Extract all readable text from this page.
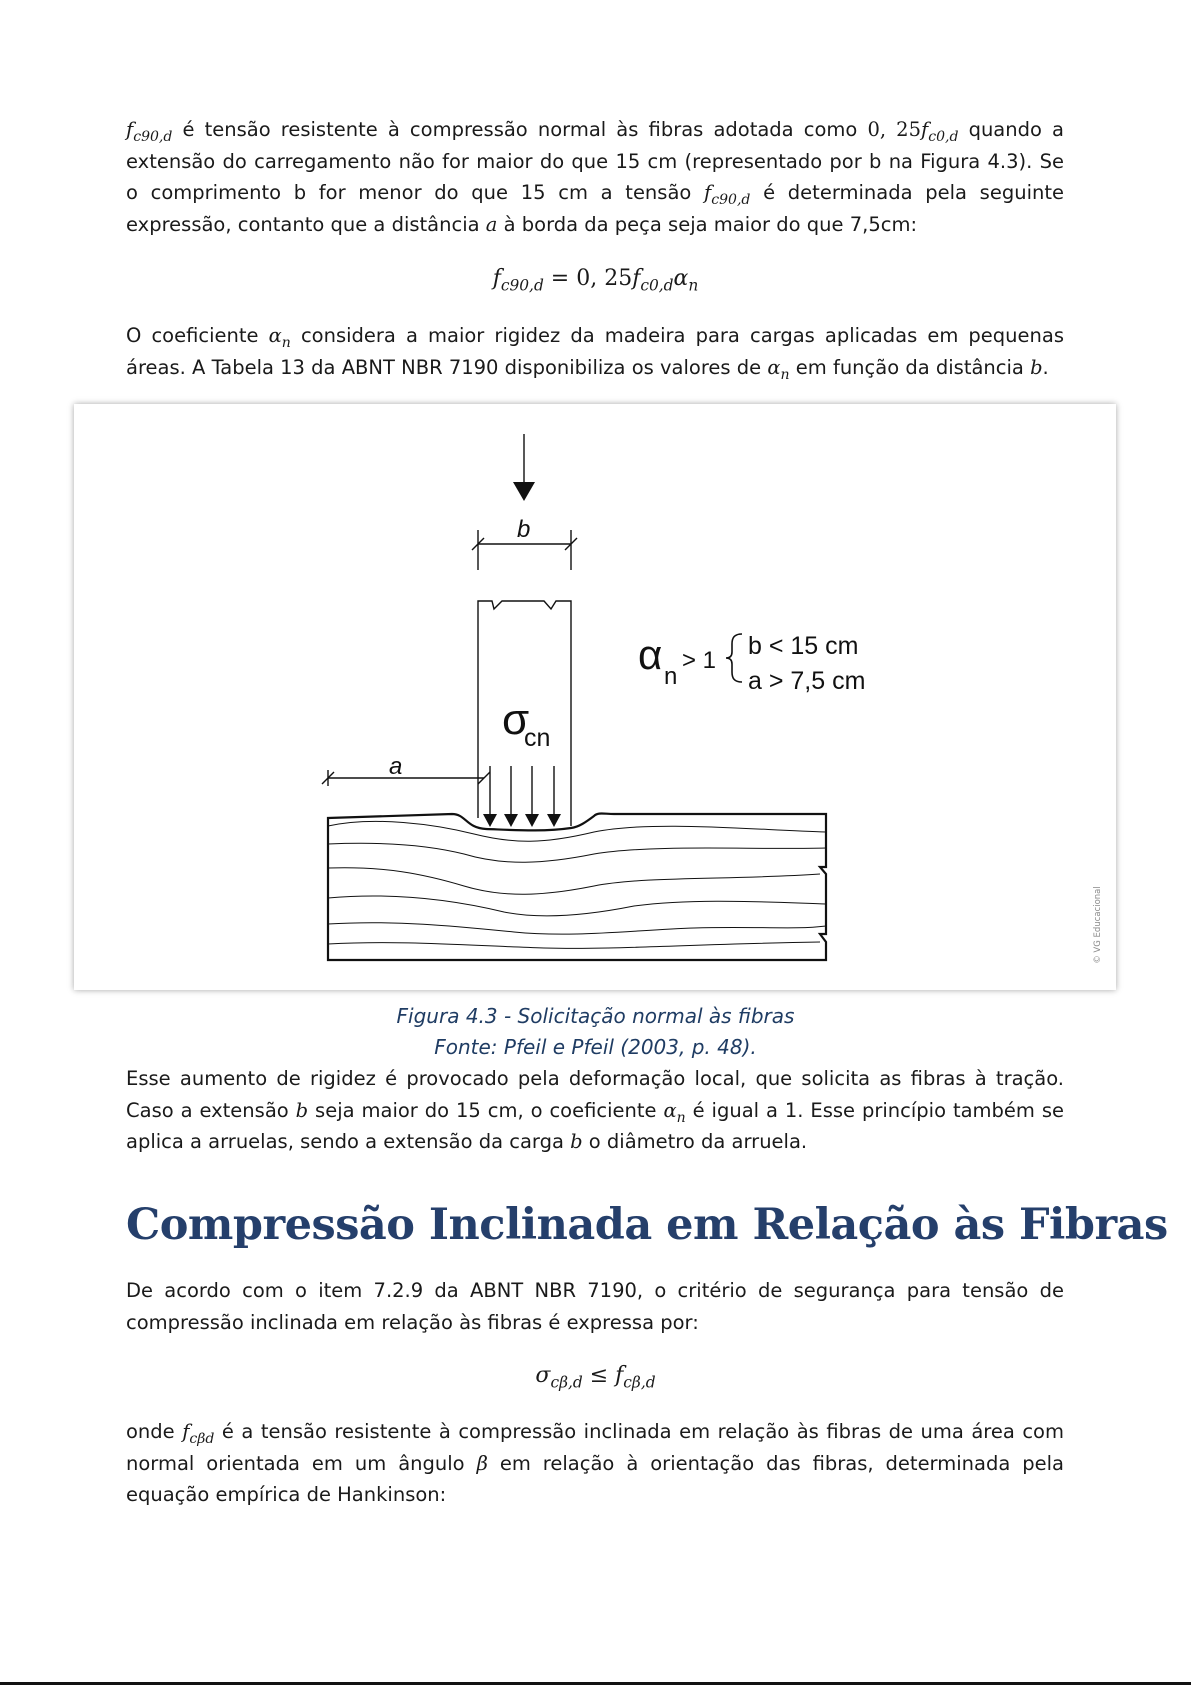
$f_{c90,d}$ é tensão resistente à compressão normal às fibras adotada como 0, $25f_{c0,d}$ quando a extensão do carregamento não for maior do que 15 cm (representado por b na Figura 4.3). Se o comprimento b for menor do que 15 cm a tensão $f_{c90,d}$ é determinada pela seguinte expressão, contanto que a distância a à borda da peça seja maior do que 7,5cm:
$f_{c90,d} = 0$, $25f_{c0,d}\alpha_n$
O coeficiente $\alpha_n$ considera a maior rigidez da madeira para cargas aplicadas em pequenas áreas. A Tabela 13 da ABNT NBR 7190 disponibiliza os valores de $\alpha_n$ em função da distância b.
b
a
σ
cn
α n
> 1
b < 15 cm
a > 7,5 cm
© VG Educacional
Figura 4.3 - Solicitação normal às fibras
Fonte: Pfeil e Pfeil (2003, p. 48).
Esse aumento de rigidez é provocado pela deformação local, que solicita as fibras à tração. Caso a extensão b seja maior do 15 cm, o coeficiente $\alpha_n$ é igual a 1. Esse princípio também se aplica a arruelas, sendo a extensão da carga b o diâmetro da arruela.
Compressão Inclinada em Relação às Fibras
De acordo com o item 7.2.9 da ABNT NBR 7190, o critério de segurança para tensão de compressão inclinada em relação às fibras é expressa por:
$\sigma_{c\beta,d} \le f_{c\beta,d}$
onde $f_{c\beta d}$ é a tensão resistente à compressão inclinada em relação às fibras de uma área com normal orientada em um ângulo β em relação à orientação das fibras, determinada pela equação empírica de Hankinson:
